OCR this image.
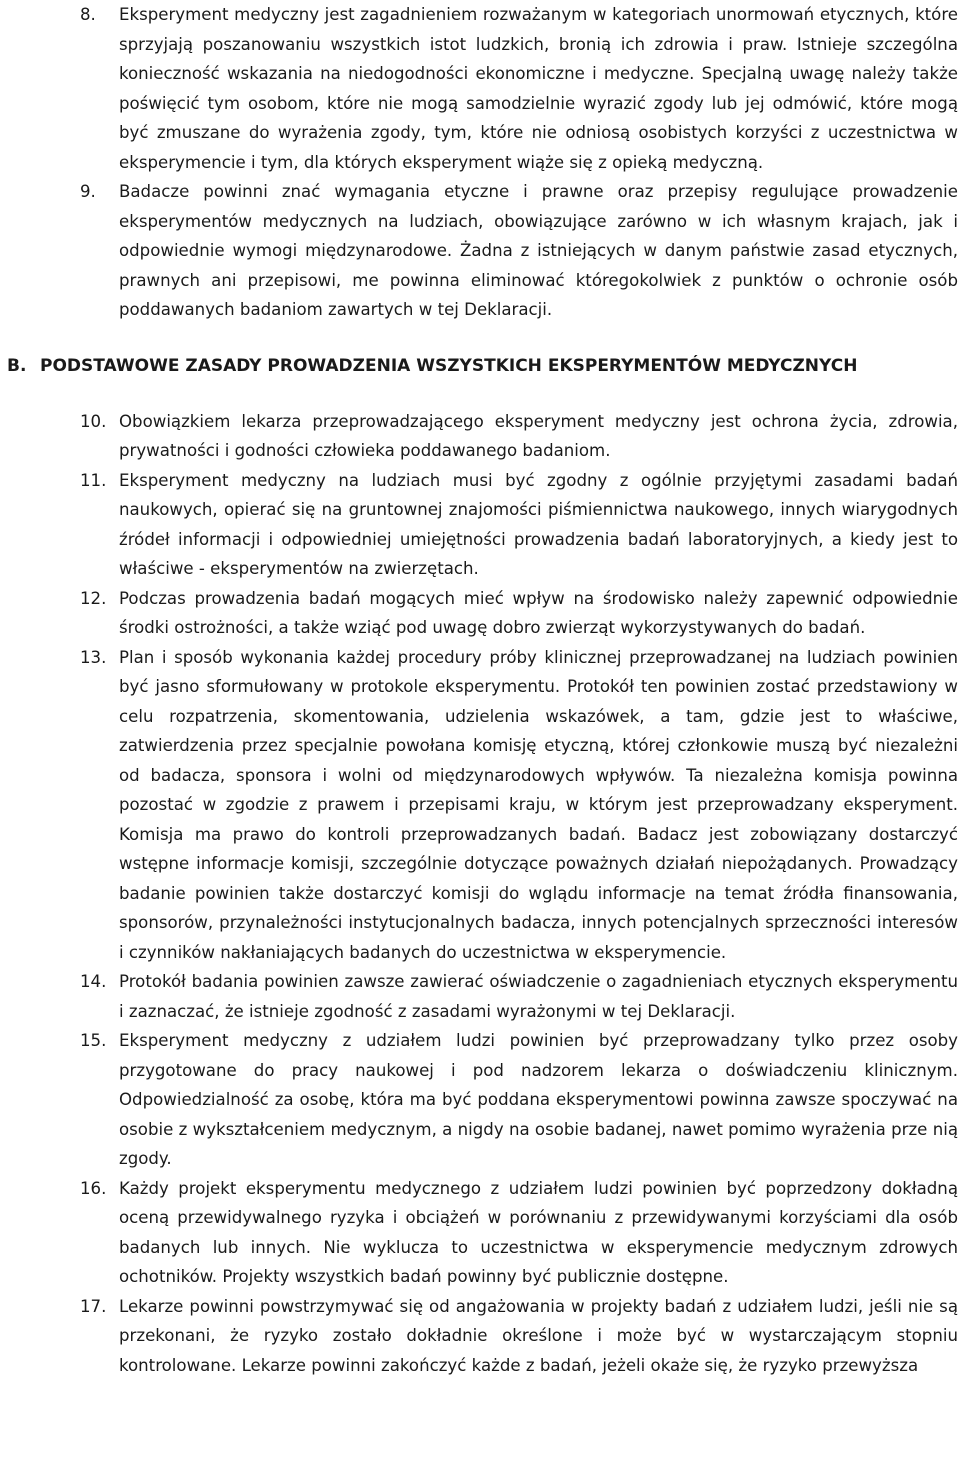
8. Eksperyment medyczny jest zagadnieniem rozważanym w kategoriach unormowań etycznych, które sprzyjają poszanowaniu wszystkich istot ludzkich, bronią ich zdrowia i praw. Istnieje szczególna konieczność wskazania na niedogodności ekonomiczne i medyczne. Specjalną uwagę należy także poświęcić tym osobom, które nie mogą samodzielnie wyrazić zgody lub jej odmówić, które mogą być zmuszane do wyrażenia zgody, tym, które nie odniosą osobistych korzyści z uczestnictwa w eksperymencie i tym, dla których eksperyment wiąże się z opieką medyczną.
9. Badacze powinni znać wymagania etyczne i prawne oraz przepisy regulujące prowadzenie eksperymentów medycznych na ludziach, obowiązujące zarówno w ich własnym krajach, jak i odpowiednie wymogi międzynarodowe. Żadna z istniejących w danym państwie zasad etycznych, prawnych ani przepisowi, me powinna eliminować któregokolwiek z punktów o ochronie osób poddawanych badaniom zawartych w tej Deklaracji.
B. PODSTAWOWE ZASADY PROWADZENIA WSZYSTKICH EKSPERYMENTÓW MEDYCZNYCH
10. Obowiązkiem lekarza przeprowadzającego eksperyment medyczny jest ochrona życia, zdrowia, prywatności i godności człowieka poddawanego badaniom.
11. Eksperyment medyczny na ludziach musi być zgodny z ogólnie przyjętymi zasadami badań naukowych, opierać się na gruntownej znajomości piśmiennictwa naukowego, innych wiarygodnych źródeł informacji i odpowiedniej umiejętności prowadzenia badań laboratoryjnych, a kiedy jest to właściwe - eksperymentów na zwierzętach.
12. Podczas prowadzenia badań mogących mieć wpływ na środowisko należy zapewnić odpowiednie środki ostrożności, a także wziąć pod uwagę dobro zwierząt wykorzystywanych do badań.
13. Plan i sposób wykonania każdej procedury próby klinicznej przeprowadzanej na ludziach powinien być jasno sformułowany w protokole eksperymentu. Protokół ten powinien zostać przedstawiony w celu rozpatrzenia, skomentowania, udzielenia wskazówek, a tam, gdzie jest to właściwe, zatwierdzenia przez specjalnie powołana komisję etyczną, której członkowie muszą być niezależni od badacza, sponsora i wolni od międzynarodowych wpływów. Ta niezależna komisja powinna pozostać w zgodzie z prawem i przepisami kraju, w którym jest przeprowadzany eksperyment. Komisja ma prawo do kontroli przeprowadzanych badań. Badacz jest zobowiązany dostarczyć wstępne informacje komisji, szczególnie dotyczące poważnych działań niepożądanych. Prowadzący badanie powinien także dostarczyć komisji do wglądu informacje na temat źródła finansowania, sponsorów, przynależności instytucjonalnych badacza, innych potencjalnych sprzeczności interesów i czynników nakłaniających badanych do uczestnictwa w eksperymencie.
14. Protokół badania powinien zawsze zawierać oświadczenie o zagadnieniach etycznych eksperymentu i zaznaczać, że istnieje zgodność z zasadami wyrażonymi w tej Deklaracji.
15. Eksperyment medyczny z udziałem ludzi powinien być przeprowadzany tylko przez osoby przygotowane do pracy naukowej i pod nadzorem lekarza o doświadczeniu klinicznym. Odpowiedzialność za osobę, która ma być poddana eksperymentowi powinna zawsze spoczywać na osobie z wykształceniem medycznym, a nigdy na osobie badanej, nawet pomimo wyrażenia prze nią zgody.
16. Każdy projekt eksperymentu medycznego z udziałem ludzi powinien być poprzedzony dokładną oceną przewidywalnego ryzyka i obciążeń w porównaniu z przewidywanymi korzyściami dla osób badanych lub innych. Nie wyklucza to uczestnictwa w eksperymencie medycznym zdrowych ochotników. Projekty wszystkich badań powinny być publicznie dostępne.
17. Lekarze powinni powstrzymywać się od angażowania w projekty badań z udziałem ludzi, jeśli nie są przekonani, że ryzyko zostało dokładnie określone i może być w wystarczającym stopniu kontrolowane. Lekarze powinni zakończyć każde z badań, jeżeli okaże się, że ryzyko przewyższa
